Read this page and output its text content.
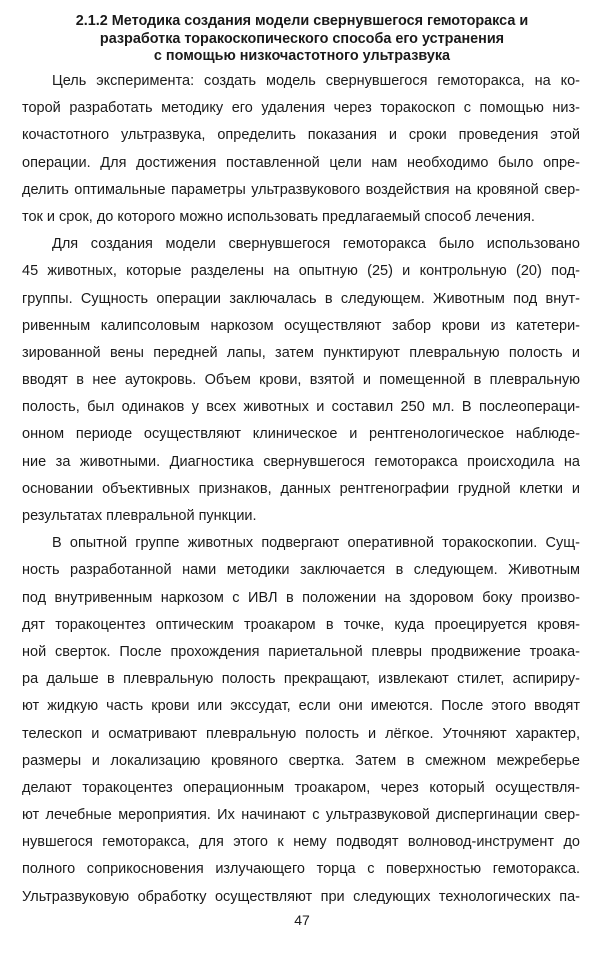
2.1.2 Методика создания модели свернувшегося гемоторакса и
разработка торакоскопического способа его устранения
с помощью низкочастотного ультразвука
Цель эксперимента: создать модель свернувшегося гемоторакса, на ко-
торой разработать методику его удаления через торакоскоп с помощью низ-
кочастотного ультразвука, определить показания и сроки проведения этой
операции. Для достижения поставленной цели нам необходимо было опре-
делить оптимальные параметры ультразвукового воздействия на кровяной свер-
ток и срок, до которого можно использовать предлагаемый способ лечения.
Для создания модели свернувшегося гемоторакса было использовано
45 животных, которые разделены на опытную (25) и контрольную (20) под-
группы. Сущность операции заключалась в следующем. Животным под внут-
ривенным калипсоловым наркозом осуществляют забор крови из катетери-
зированной вены передней лапы, затем пунктируют плевральную полость и
вводят в нее аутокровь. Объем крови, взятой и помещенной в плевральную
полость, был одинаков у всех животных и составил 250 мл. В послеопераци-
онном периоде осуществляют клиническое и рентгенологическое наблюде-
ние за животными. Диагностика свернувшегося гемоторакса происходила на
основании объективных признаков, данных рентгенографии грудной клетки и
результатах плевральной пункции.
В опытной группе животных подвергают оперативной торакоскопии. Сущ-
ность разработанной нами методики заключается в следующем. Животным
под внутривенным наркозом с ИВЛ в положении на здоровом боку произво-
дят торакоцентез оптическим троакаром в точке, куда проецируется кровя-
ной сверток. После прохождения париетальной плевры продвижение троака-
ра дальше в плевральную полость прекращают, извлекают стилет, аспириру-
ют жидкую часть крови или экссудат, если они имеются. После этого вводят
телескоп и осматривают плевральную полость и лёгкое. Уточняют характер,
размеры и локализацию кровяного свертка. Затем в смежном межреберье
делают торакоцентез операционным троакаром, через который осуществля-
ют лечебные мероприятия. Их начинают с ультразвуковой диспергинации свер-
нувшегося гемоторакса, для этого к нему подводят волновод-инструмент до
полного соприкосновения излучающего торца с поверхностью гемоторакса.
Ультразвуковую обработку осуществляют при следующих технологических па-
47
